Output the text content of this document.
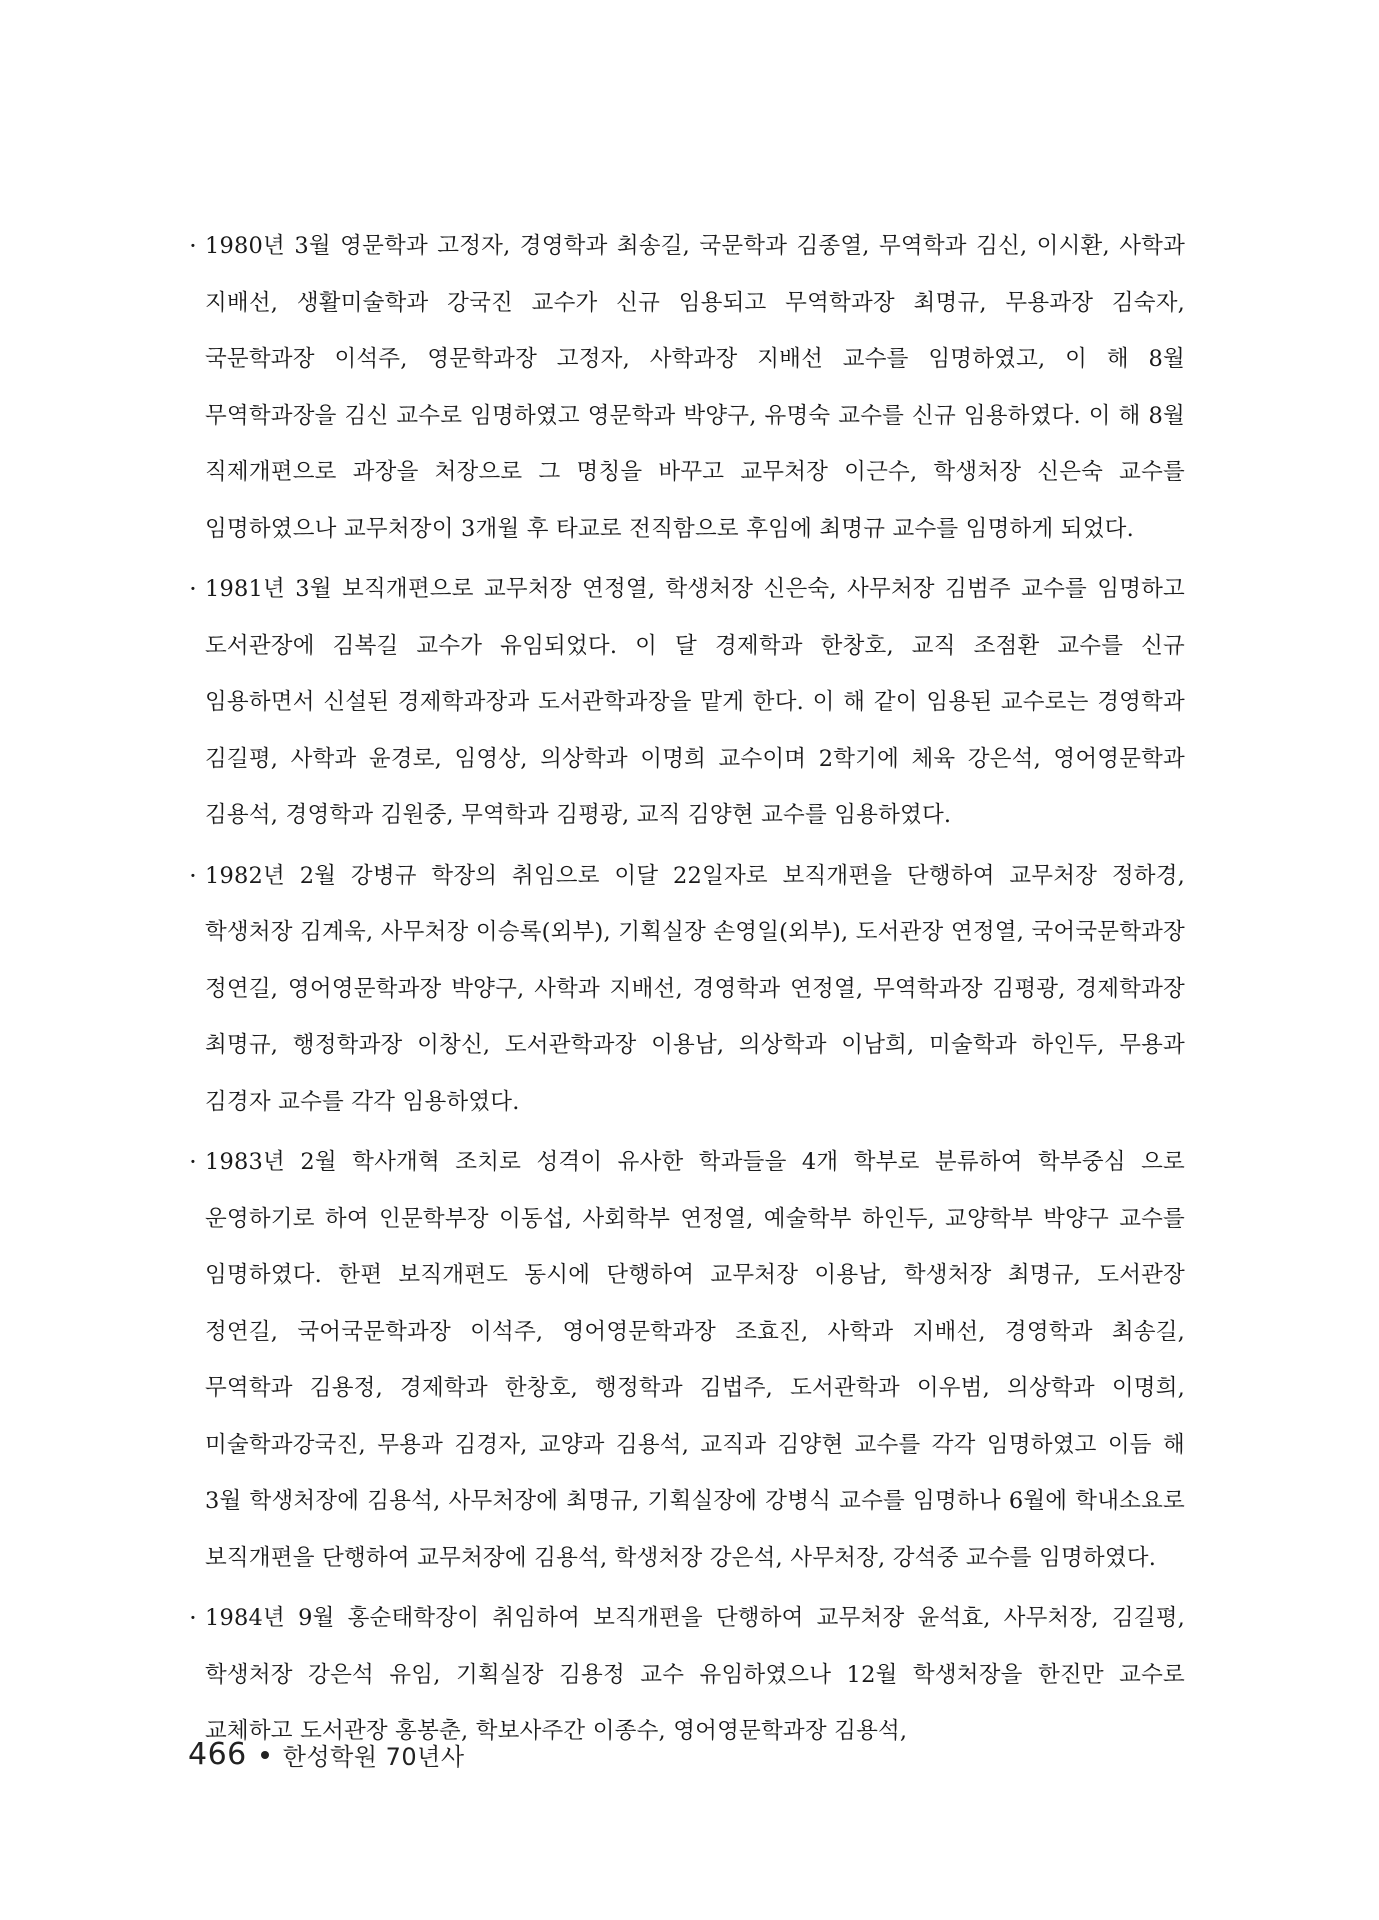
· 1980년 3월 영문학과 고정자, 경영학과 최송길, 국문학과 김종열, 무역학과 김신, 이시환, 사학과 지배선, 생활미술학과 강국진 교수가 신규 임용되고 무역학과장 최명규, 무용과장 김숙자, 국문학과장 이석주, 영문학과장 고정자, 사학과장 지배선 교수를 임명하였고, 이 해 8월 무역학과장을 김신 교수로 임명하였고 영문학과 박양구, 유명숙 교수를 신규 임용하였다. 이 해 8월 직제개편으로 과장을 처장으로 그 명칭을 바꾸고 교무처장 이근수, 학생처장 신은숙 교수를 임명하였으나 교무처장이 3개월 후 타교로 전직함으로 후임에 최명규 교수를 임명하게 되었다.
· 1981년 3월 보직개편으로 교무처장 연정열, 학생처장 신은숙, 사무처장 김범주 교수를 임명하고 도서관장에 김복길 교수가 유임되었다. 이 달 경제학과 한창호, 교직 조점환 교수를 신규 임용하면서 신설된 경제학과장과 도서관학과장을 맡게 한다. 이 해 같이 임용된 교수로는 경영학과 김길평, 사학과 윤경로, 임영상, 의상학과 이명희 교수이며 2학기에 체육 강은석, 영어영문학과 김용석, 경영학과 김원중, 무역학과 김평광, 교직 김양현 교수를 임용하였다.
· 1982년 2월 강병규 학장의 취임으로 이달 22일자로 보직개편을 단행하여 교무처장 정하경, 학생처장 김계욱, 사무처장 이승록(외부), 기획실장 손영일(외부), 도서관장 연정열, 국어국문학과장 정연길, 영어영문학과장 박양구, 사학과 지배선, 경영학과 연정열, 무역학과장 김평광, 경제학과장 최명규, 행정학과장 이창신, 도서관학과장 이용남, 의상학과 이남희, 미술학과 하인두, 무용과 김경자 교수를 각각 임용하였다.
· 1983년 2월 학사개혁 조치로 성격이 유사한 학과들을 4개 학부로 분류하여 학부중심 으로 운영하기로 하여 인문학부장 이동섭, 사회학부 연정열, 예술학부 하인두, 교양학부 박양구 교수를 임명하였다. 한편 보직개편도 동시에 단행하여 교무처장 이용남, 학생처장 최명규, 도서관장 정연길, 국어국문학과장 이석주, 영어영문학과장 조효진, 사학과 지배선, 경영학과 최송길, 무역학과 김용정, 경제학과 한창호, 행정학과 김법주, 도서관학과 이우범, 의상학과 이명희, 미술학과강국진, 무용과 김경자, 교양과 김용석, 교직과 김양현 교수를 각각 임명하였고 이듬 해 3월 학생처장에 김용석, 사무처장에 최명규, 기획실장에 강병식 교수를 임명하나 6월에 학내소요로 보직개편을 단행하여 교무처장에 김용석, 학생처장 강은석, 사무처장, 강석중 교수를 임명하였다.
· 1984년 9월 홍순태학장이 취임하여 보직개편을 단행하여 교무처장 윤석효, 사무처장, 김길평, 학생처장 강은석 유임, 기획실장 김용정 교수 유임하였으나 12월 학생처장을 한진만 교수로 교체하고 도서관장 홍봉춘, 학보사주간 이종수, 영어영문학과장 김용석,
466 한성학원 70년사
